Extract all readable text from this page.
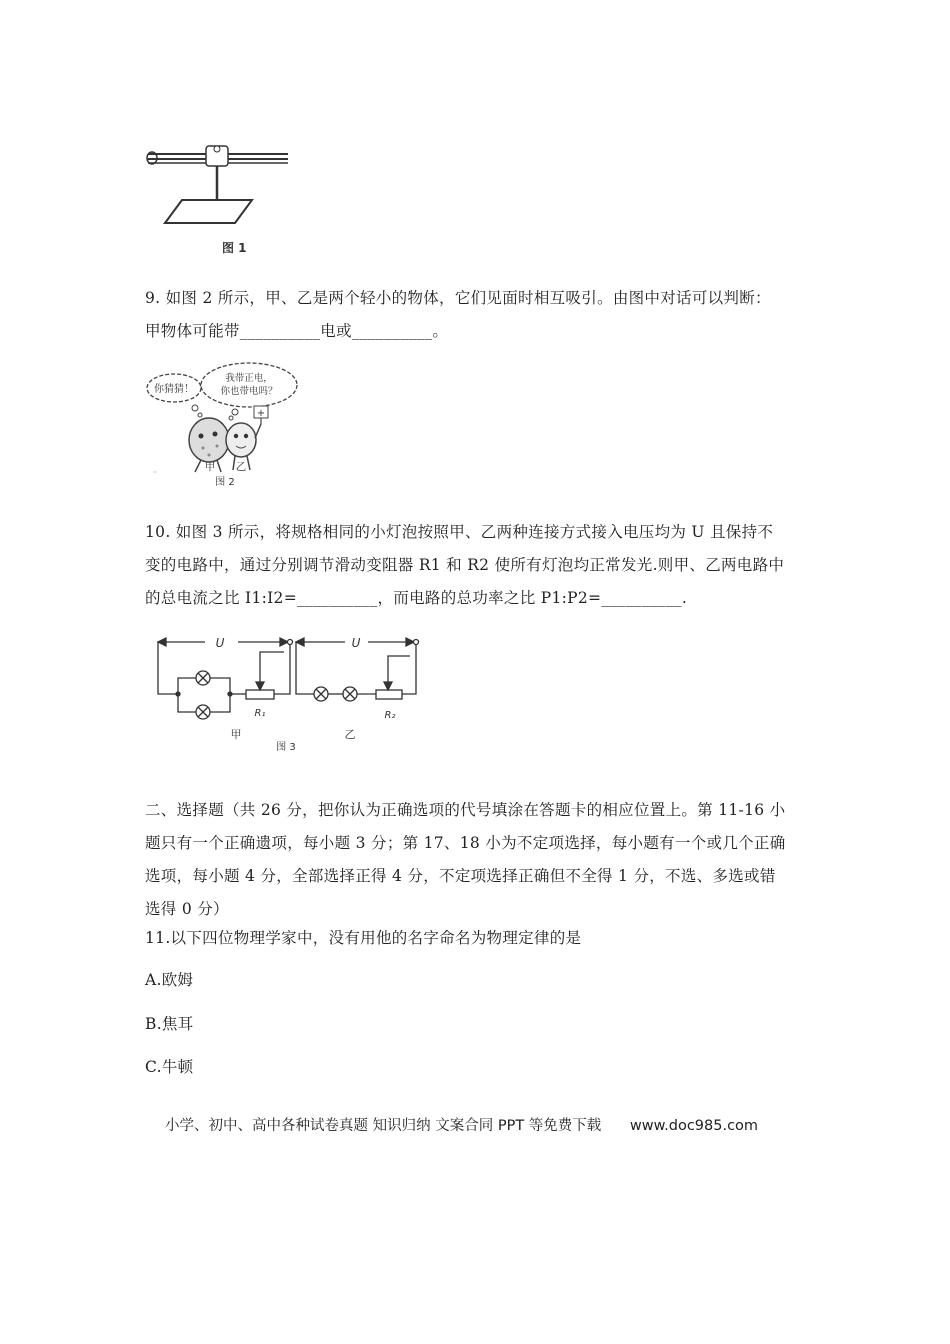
图 1
9. 如图 2 所示，甲、乙是两个轻小的物体，它们见面时相互吸引。由图中对话可以判断：
甲物体可能带__________电或__________。
你猜猜！
我带正电，
你也带电吗？
+
甲 乙
图 2
10. 如图 3 所示，将规格相同的小灯泡按照甲、乙两种连接方式接入电压均为 U 且保持不
变的电路中，通过分别调节滑动变阻器 R1 和 R2 使所有灯泡均正常发光.则甲、乙两电路中
的总电流之比 I1:I2=__________，而电路的总功率之比 P1:P2=__________.
U	U
R₁	R₂
甲	乙
图 3
二、选择题（共 26 分，把你认为正确选项的代号填涂在答题卡的相应位置上。第 11-16 小
题只有一个正确遗项，每小题 3 分；第 17、18 小为不定项选择，每小题有一个或几个正确
选项，每小题 4 分，全部选择正得 4 分，不定项选择正确但不全得 1 分，不选、多选或错
选得 0 分）
11.以下四位物理学家中，没有用他的名字命名为物理定律的是
A.欧姆
B.焦耳
C.牛顿
小学、初中、高中各种试卷真题 知识归纳 文案合同 PPT 等免费下载 www.doc985.com
